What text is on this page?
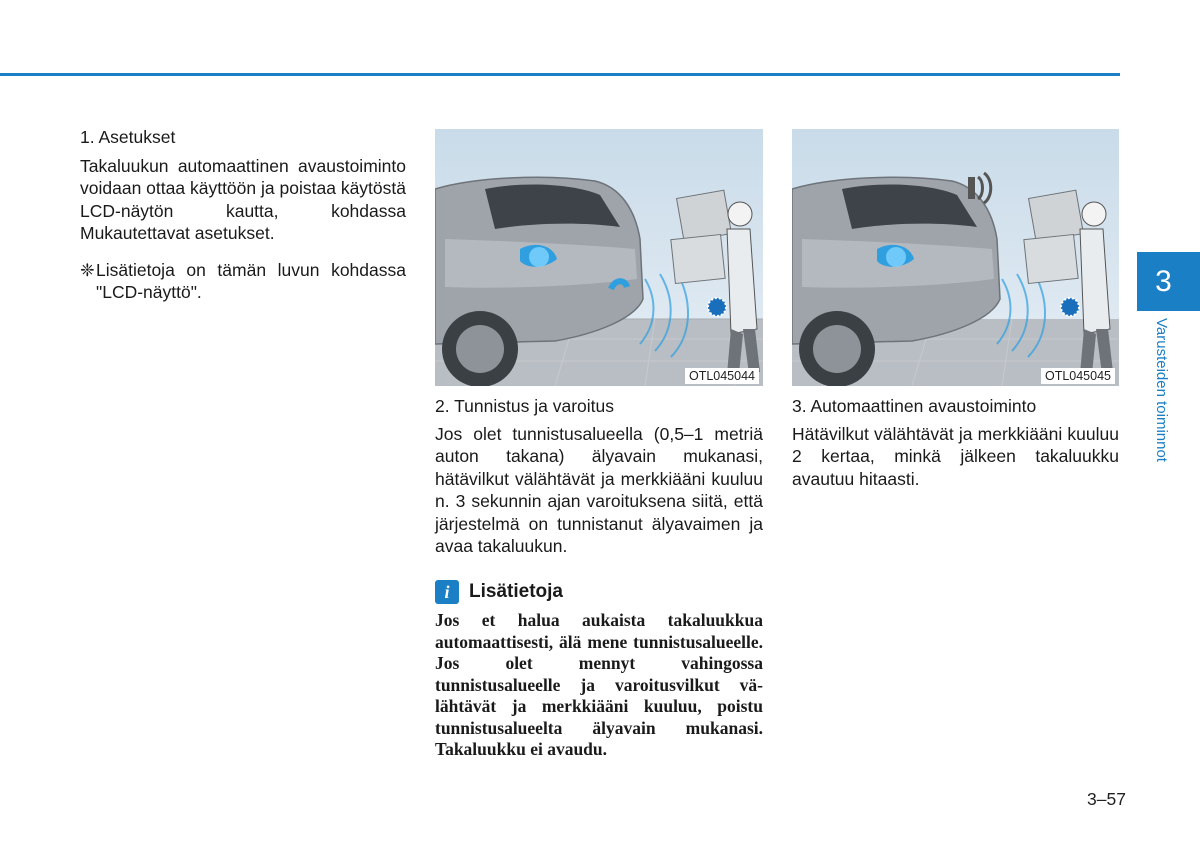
1. Asetukset

Takaluukun automaattinen avaustoiminto voidaan ottaa käyttöön ja poistaa käytöstä LCD-näytön kautta, kohdassa Mukautettavat asetukset.

❈ Lisätietoja on tämän luvun kohdassa "LCD-näyttö".
OTL045044	OTL045045
2. Tunnistus ja varoitus

Jos olet tunnistusalueella (0,5–1 metriä auton takana) älyavain mukanasi, hätävilkut välähtävät ja merkkiääni kuuluu n. 3 sekunnin ajan varoituksena siitä, että järjestelmä on tunnistanut älyavaimen ja avaa takaluukun.

3. Automaattinen avaustoiminto

Hätävilkut välähtävät ja merkkiääni kuuluu 2 kertaa, minkä jälkeen takaluukku avautuu hitaasti.

i	Lisätietoja

Jos et halua aukaista takaluukkua automaattisesti, älä mene tunnistusalueelle. Jos olet mennyt vahingossa tunnistusalueelle ja varoitusvilkut välähtävät ja merkkiääni kuuluu, poistu tunnistusalueelta älyavain mukanasi. Takaluukku ei avaudu.

3
Varusteiden toiminnot
3–57
